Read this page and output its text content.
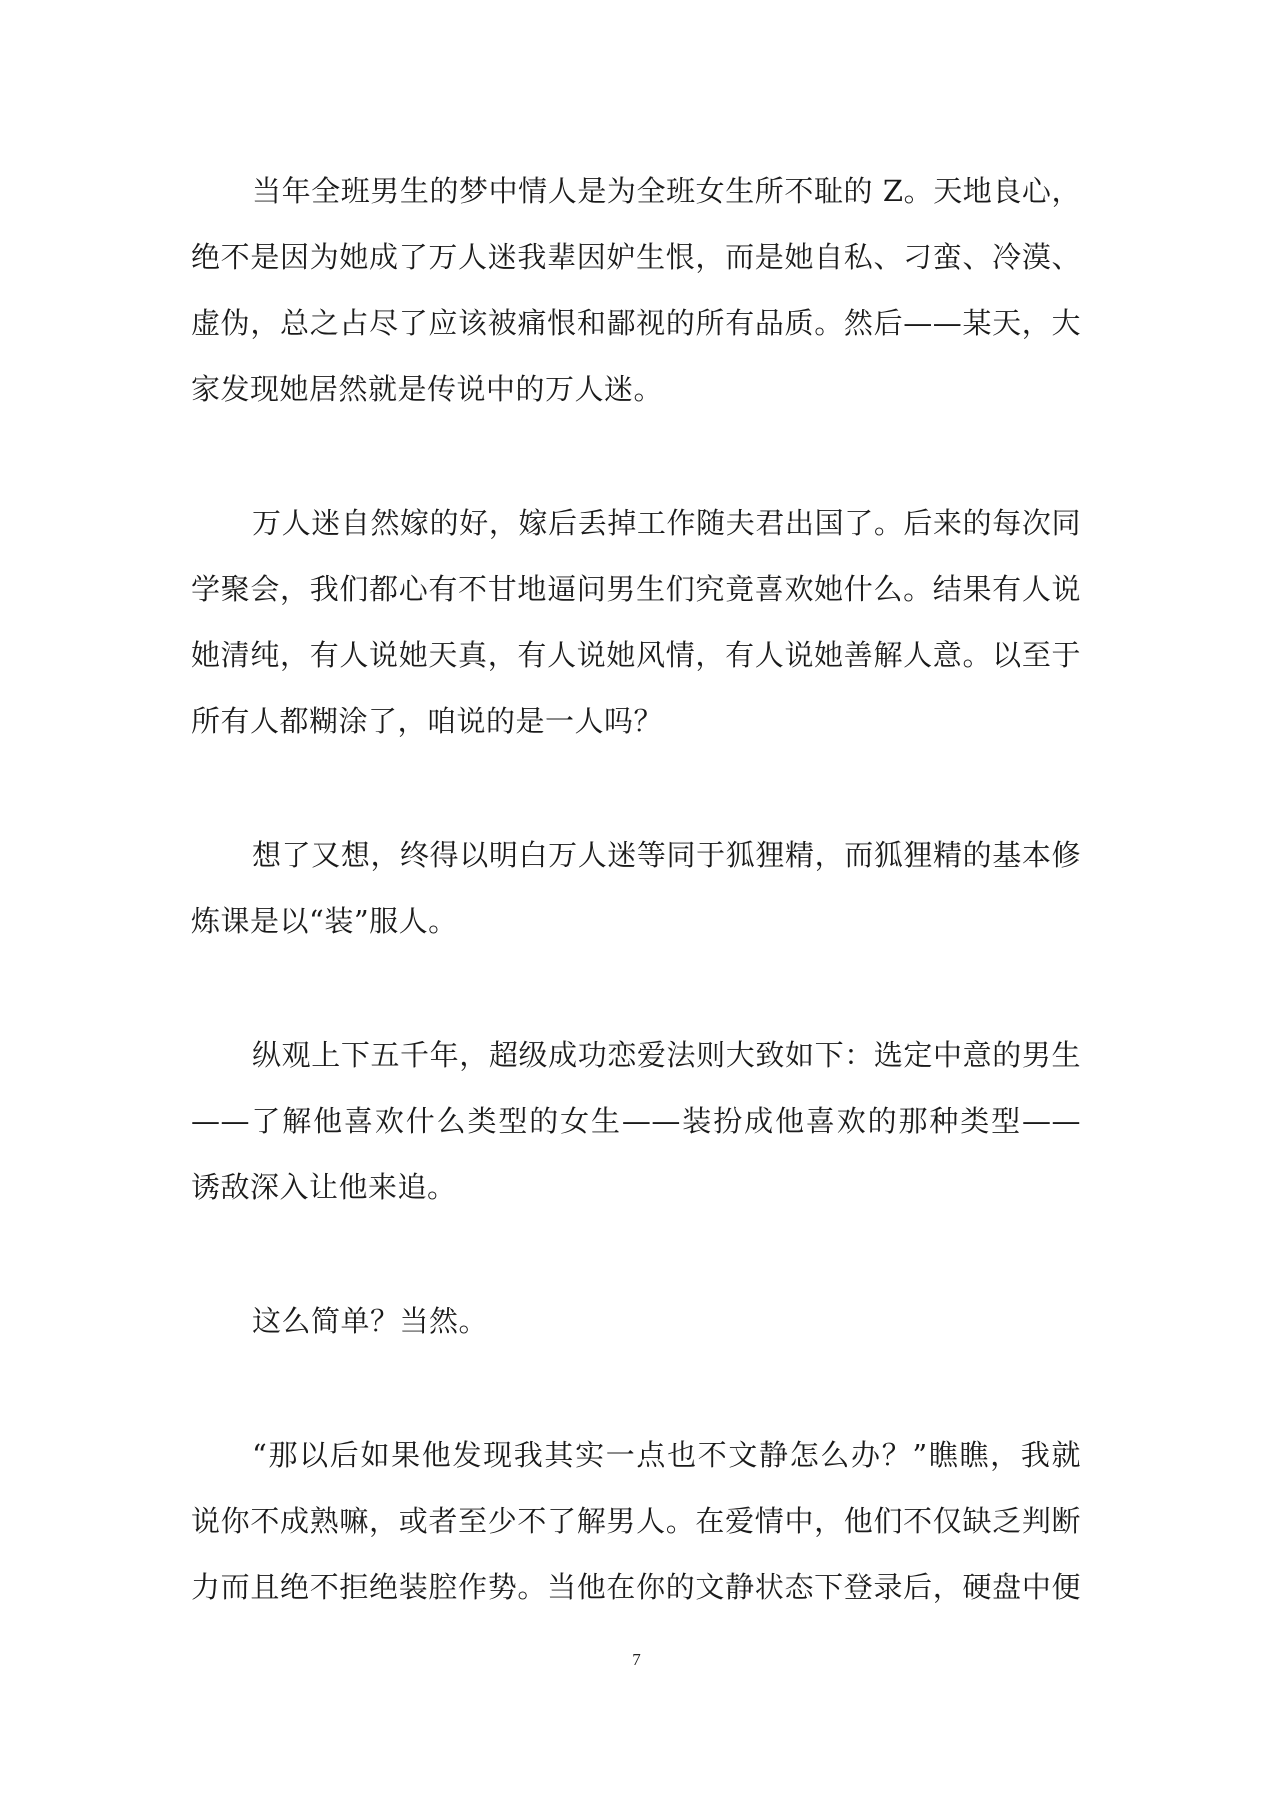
当年全班男生的梦中情人是为全班女生所不耻的 Z。天地良心，
绝不是因为她成了万人迷我辈因妒生恨，而是她自私、刁蛮、冷漠、
虚伪，总之占尽了应该被痛恨和鄙视的所有品质。然后——某天，大
家发现她居然就是传说中的万人迷。
万人迷自然嫁的好，嫁后丢掉工作随夫君出国了。后来的每次同
学聚会，我们都心有不甘地逼问男生们究竟喜欢她什么。结果有人说
她清纯，有人说她天真，有人说她风情，有人说她善解人意。以至于
所有人都糊涂了，咱说的是一人吗？
想了又想，终得以明白万人迷等同于狐狸精，而狐狸精的基本修
炼课是以“装”服人。
纵观上下五千年，超级成功恋爱法则大致如下：选定中意的男生
——了解他喜欢什么类型的女生——装扮成他喜欢的那种类型——
诱敌深入让他来追。
这么简单？当然。
“那以后如果他发现我其实一点也不文静怎么办？”瞧瞧，我就
说你不成熟嘛，或者至少不了解男人。在爱情中，他们不仅缺乏判断
力而且绝不拒绝装腔作势。当他在你的文静状态下登录后，硬盘中便
7
